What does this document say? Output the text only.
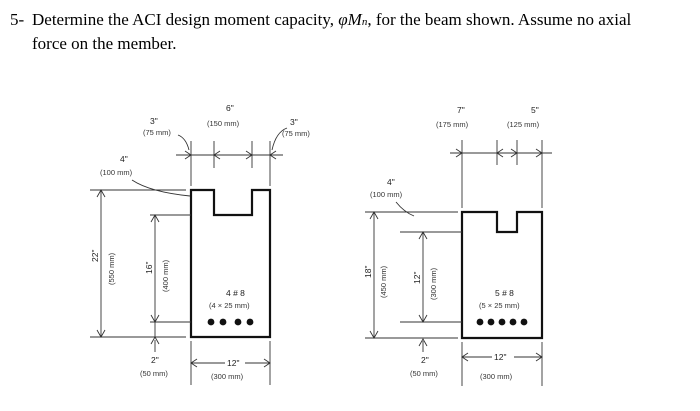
5- Determine the ACI design moment capacity, φMn, for the beam shown. Assume no axial
force on the member.
3"
(75 mm)
6"
(150 mm)	3"
(75 mm)
4"
(100 mm)
22" (550 mm)	16" (400 mm)
2"
(50 mm)
4 # 8
(4 × 25 mm)
12"
(300 mm)
7"
(175 mm)
5"
(125 mm)
4"
(100 mm)
18" (450 mm)	12" (300 mm)
2"
(50 mm)
5 # 8
(5 × 25 mm)
12"
(300 mm)
